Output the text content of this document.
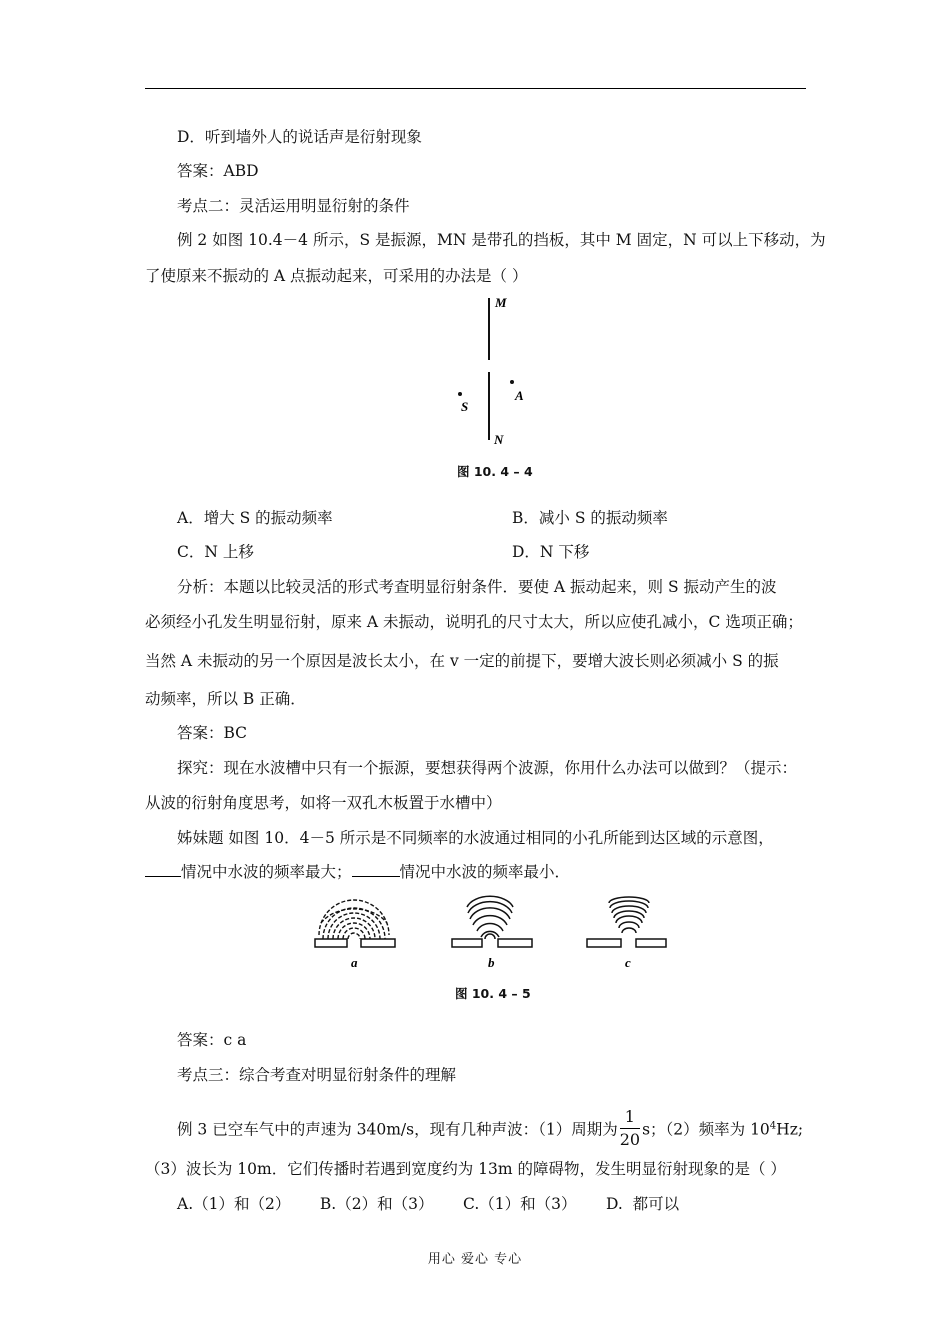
D．听到墙外人的说话声是衍射现象
答案：ABD
考点二：灵活运用明显衍射的条件
例 2 如图 10.4－4 所示，S 是振源，MN 是带孔的挡板，其中 M 固定，N 可以上下移动，为
了使原来不振动的 A 点振动起来，可采用的办法是（ ）
M
S
A
N
图 10. 4 – 4
A．增大 S 的振动频率	B．减小 S 的振动频率
C．N 上移	D．N 下移
分析：本题以比较灵活的形式考查明显衍射条件．要使 A 振动起来，则 S 振动产生的波
必须经小孔发生明显衍射，原来 A 未振动，说明孔的尺寸太大，所以应使孔减小，C 选项正确；
当然 A 未振动的另一个原因是波长太小，在 v 一定的前提下，要增大波长则必须减小 S 的振
动频率，所以 B 正确．
答案：BC
探究：现在水波槽中只有一个振源，要想获得两个波源，你用什么办法可以做到？（提示：
从波的衍射角度思考，如将一双孔木板置于水槽中）
姊妹题 如图 10．4－5 所示是不同频率的水波通过相同的小孔所能到达区域的示意图，
情况中水波的频率最大；	情况中水波的频率最小．
a	b	c
图 10. 4 – 5
答案：c a
考点三：综合考查对明显衍射条件的理解
例 3 已空车气中的声速为 340m/s，现有几种声波：（1）周期为 $\frac{1}{20}$ s；（2）频率为 $10^4Hz$;
（3）波长为 10m．它们传播时若遇到宽度约为 13m 的障碍物，发生明显衍射现象的是（ ）
A.（1）和（2）      B.（2）和（3）      C.（1）和（3）      D.  都可以
用心 爱心 专心
